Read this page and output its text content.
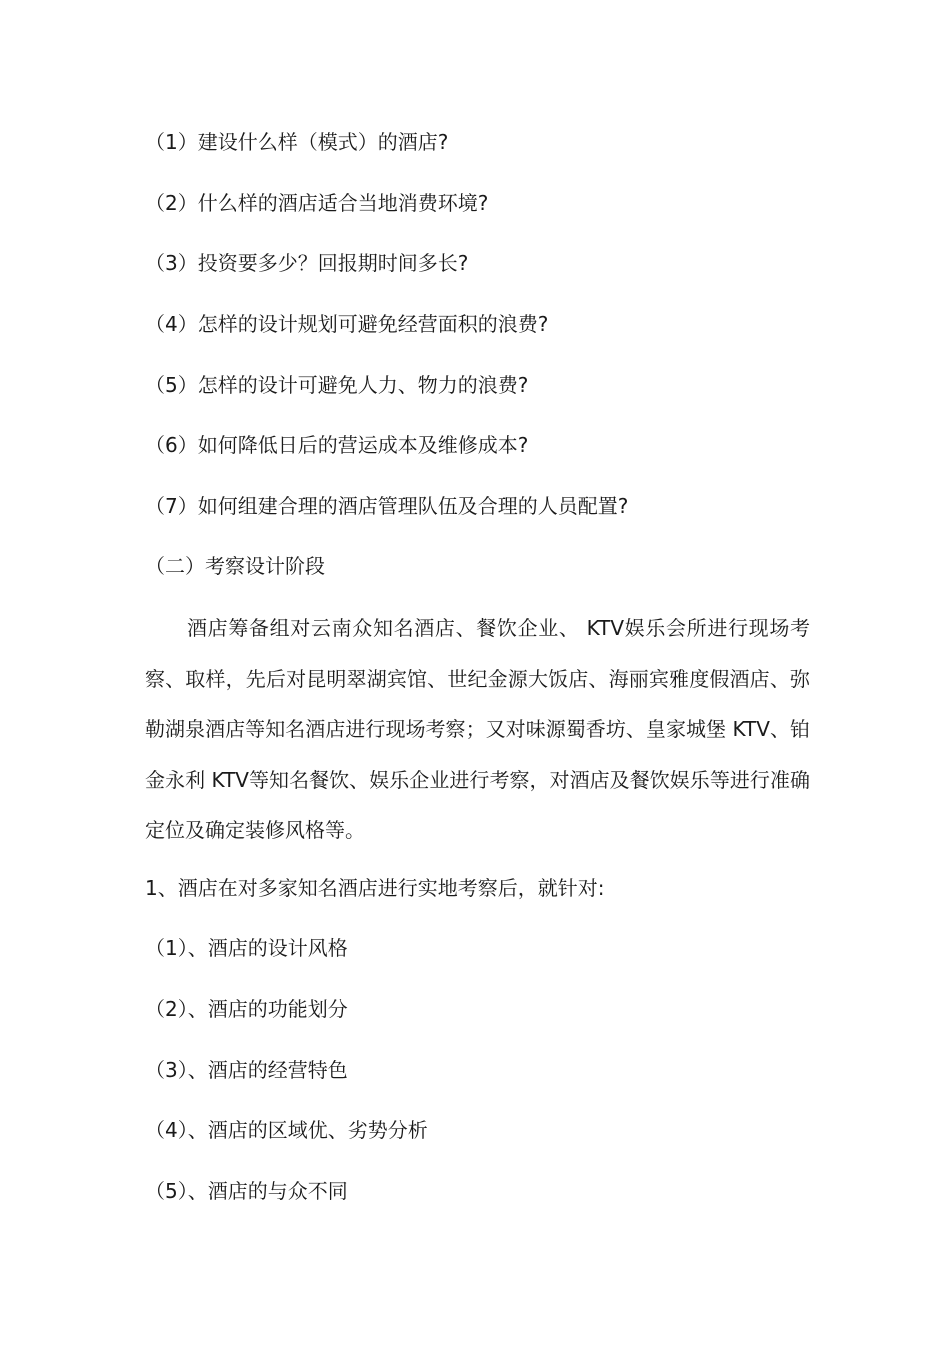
（1）建设什么样（模式）的酒店?
（2）什么样的酒店适合当地消费环境?
（3）投资要多少？回报期时间多长?
（4）怎样的设计规划可避免经营面积的浪费?
（5）怎样的设计可避免人力、物力的浪费?
（6）如何降低日后的营运成本及维修成本?
（7）如何组建合理的酒店管理队伍及合理的人员配置?
（二）考察设计阶段
酒店筹备组对云南众知名酒店、餐饮企业、 KTV娱乐会所进行现场考察、取样，先后对昆明翠湖宾馆、世纪金源大饭店、海丽宾雅度假酒店、弥勒湖泉酒店等知名酒店进行现场考察；又对味源蜀香坊、皇家城堡 KTV、铂金永利 KTV等知名餐饮、娱乐企业进行考察，对酒店及餐饮娱乐等进行准确定位及确定装修风格等。
1、酒店在对多家知名酒店进行实地考察后，就针对:
（1）、酒店的设计风格
（2）、酒店的功能划分
（3）、酒店的经营特色
（4）、酒店的区域优、劣势分析
（5）、酒店的与众不同
